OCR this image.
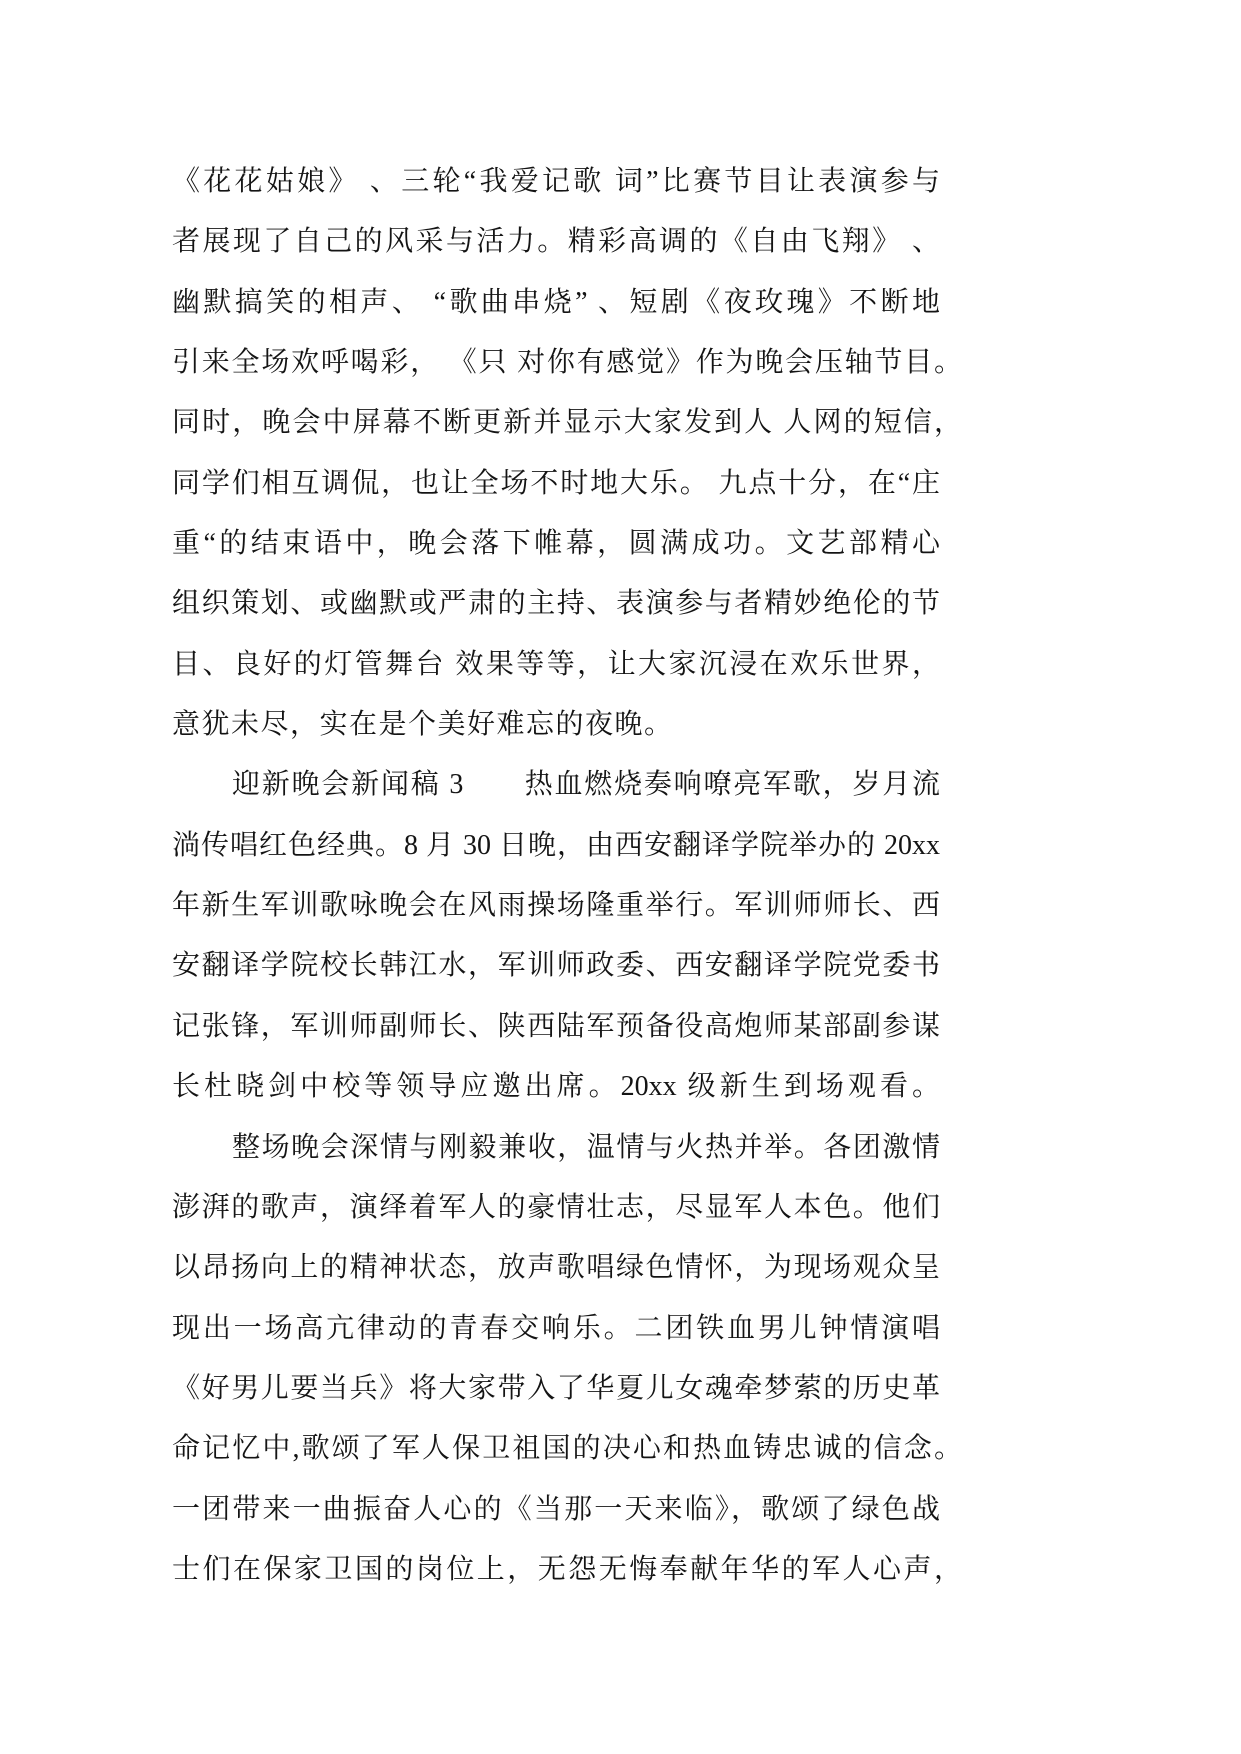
《花花姑娘》 、三轮“我爱记歌 词”比赛节目让表演参与
者展现了自己的风采与活力。精彩高调的《自由飞翔》 、
幽默搞笑的相声、 “歌曲串烧” 、短剧《夜玫瑰》不断地
引来全场欢呼喝彩， 《只 对你有感觉》作为晚会压轴节目。
同时，晚会中屏幕不断更新并显示大家发到人 人网的短信，
同学们相互调侃，也让全场不时地大乐。 九点十分，在“庄
重“的结束语中，晚会落下帷幕，圆满成功。文艺部精心
组织策划、或幽默或严肃的主持、表演参与者精妙绝伦的节
目、良好的灯管舞台 效果等等，让大家沉浸在欢乐世界，
意犹未尽，实在是个美好难忘的夜晚。
迎新晚会新闻稿 3　　热血燃烧奏响嘹亮军歌，岁月流
淌传唱红色经典。8 月 30 日晚，由西安翻译学院举办的 20xx
年新生军训歌咏晚会在风雨操场隆重举行。军训师师长、西
安翻译学院校长韩江水，军训师政委、西安翻译学院党委书
记张锋，军训师副师长、陕西陆军预备役高炮师某部副参谋
长杜晓剑中校等领导应邀出席。20xx 级新生到场观看。
整场晚会深情与刚毅兼收，温情与火热并举。各团激情
澎湃的歌声，演绎着军人的豪情壮志，尽显军人本色。他们
以昂扬向上的精神状态，放声歌唱绿色情怀，为现场观众呈
现出一场高亢律动的青春交响乐。二团铁血男儿钟情演唱
《好男儿要当兵》将大家带入了华夏儿女魂牵梦萦的历史革
命记忆中,歌颂了军人保卫祖国的决心和热血铸忠诚的信念。
一团带来一曲振奋人心的《当那一天来临》，歌颂了绿色战
士们在保家卫国的岗位上，无怨无悔奉献年华的军人心声，
